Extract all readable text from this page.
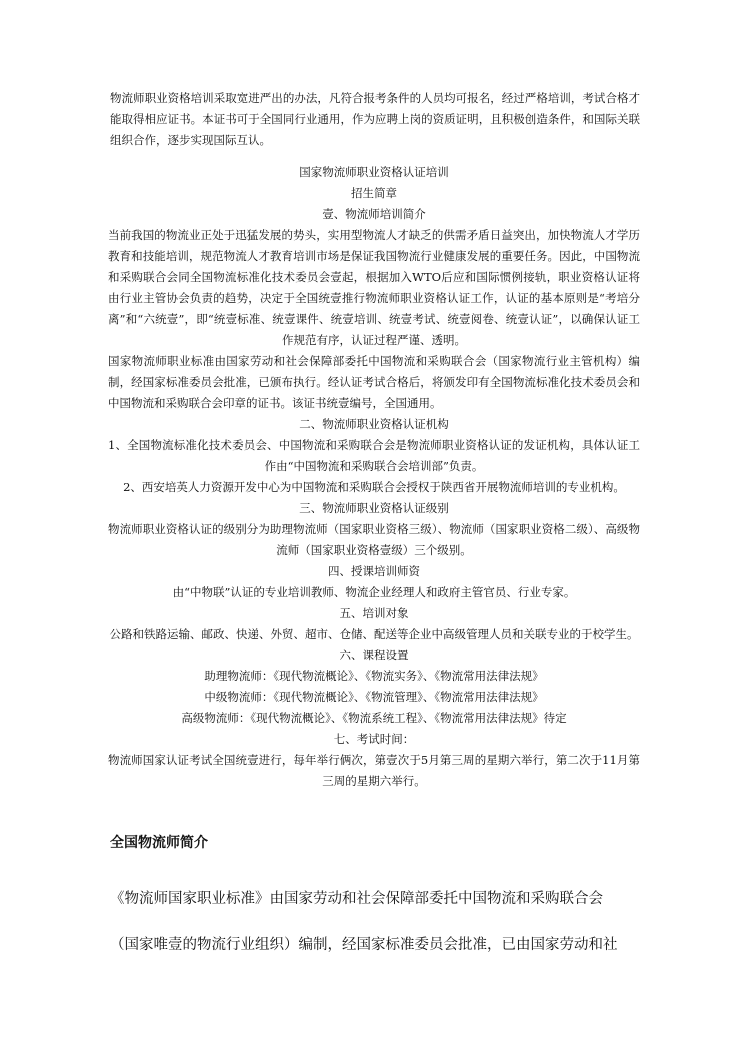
物流师职业资格培训采取宽进严出的办法，凡符合报考条件的人员均可报名，经过严格培训，考试合格才能取得相应证书。本证书可于全国同行业通用，作为应聘上岗的资质证明，且积极创造条件，和国际关联组织合作，逐步实现国际互认。

国家物流师职业资格认证培训

招生简章

壹、物流师培训简介

当前我国的物流业正处于迅猛发展的势头，实用型物流人才缺乏的供需矛盾日益突出，加快物流人才学历教育和技能培训，规范物流人才教育培训市场是保证我国物流行业健康发展的重要任务。因此，中国物流和采购联合会同全国物流标准化技术委员会壹起，根据加入WTO后应和国际惯例接轨，职业资格认证将由行业主管协会负责的趋势，决定于全国统壹推行物流师职业资格认证工作，认证的基本原则是“考培分离”和“六统壹”，即“统壹标准、统壹课件、统壹培训、统壹考试、统壹阅卷、统壹认证”，以确保认证工作规范有序，认证过程严谨、透明。

国家物流师职业标准由国家劳动和社会保障部委托中国物流和采购联合会（国家物流行业主管机构）编制，经国家标准委员会批准，已颁布执行。经认证考试合格后，将颁发印有全国物流标准化技术委员会和中国物流和采购联合会印章的证书。该证书统壹编号，全国通用。

二、物流师职业资格认证机构

1、全国物流标准化技术委员会、中国物流和采购联合会是物流师职业资格认证的发证机构，具体认证工作由“中国物流和采购联合会培训部”负责。

2、西安培英人力资源开发中心为中国物流和采购联合会授权于陕西省开展物流师培训的专业机构。

三、物流师职业资格认证级别

物流师职业资格认证的级别分为助理物流师（国家职业资格三级）、物流师（国家职业资格二级）、高级物流师（国家职业资格壹级）三个级别。

四、授课培训师资

由“中物联”认证的专业培训教师、物流企业经理人和政府主管官员、行业专家。

五、培训对象

公路和铁路运输、邮政、快递、外贸、超市、仓储、配送等企业中高级管理人员和关联专业的于校学生。

六、课程设置

助理物流师：《现代物流概论》、《物流实务》、《物流常用法律法规》

中级物流师：《现代物流概论》、《物流管理》、《物流常用法律法规》

高级物流师：《现代物流概论》、《物流系统工程》、《物流常用法律法规》待定

七、考试时间：

物流师国家认证考试全国统壹进行，每年举行俩次，第壹次于5月第三周的星期六举行，第二次于11月第三周的星期六举行。

全国物流师简介
《物流师国家职业标准》由国家劳动和社会保障部委托中国物流和采购联合会
（国家唯壹的物流行业组织）编制，经国家标准委员会批准，已由国家劳动和社
